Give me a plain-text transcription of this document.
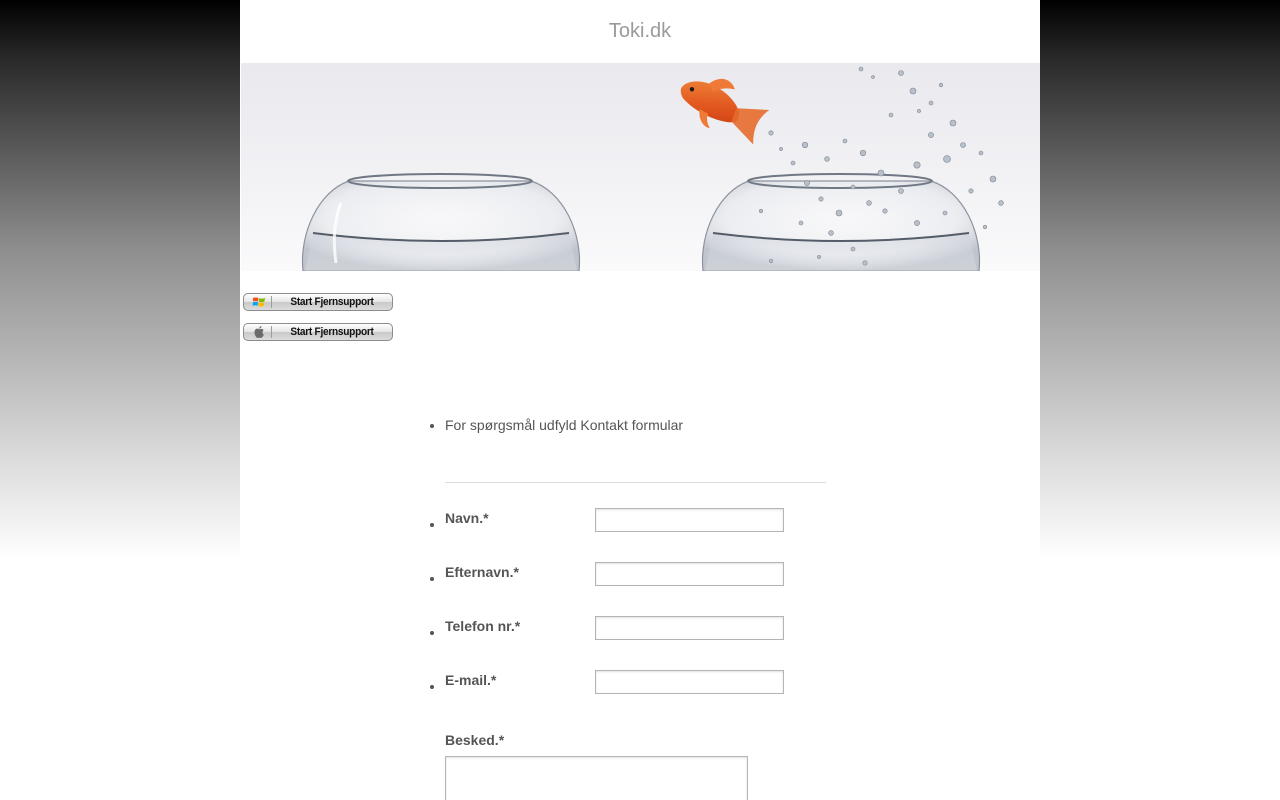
Toki.dk
Start Fjernsupport
Start Fjernsupport
• For spørgsmål udfyld Kontakt formular
• Navn.*
• Efternavn.*
• Telefon nr.*
• E-mail.*
Besked.*
